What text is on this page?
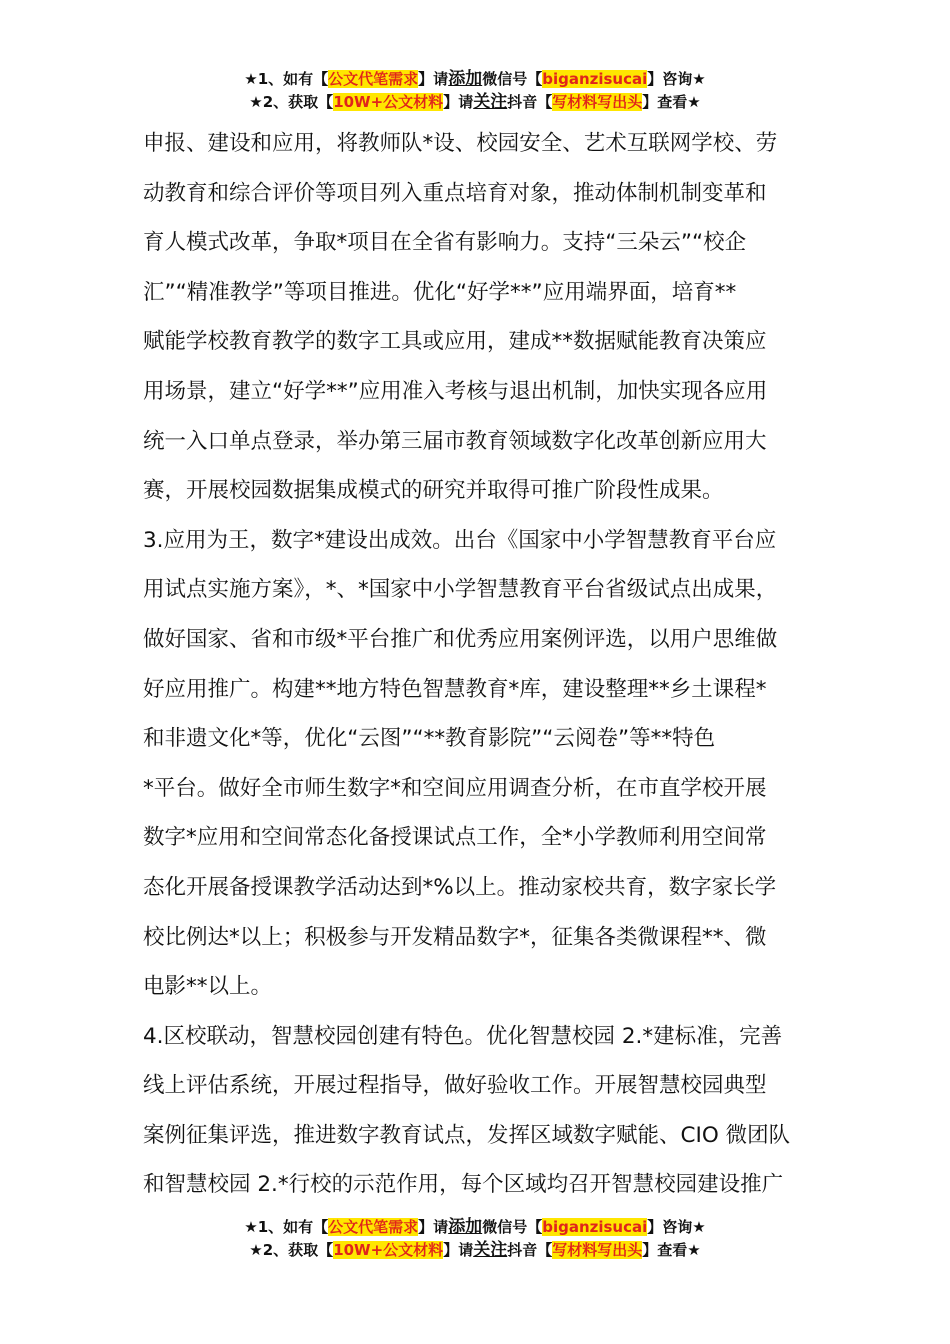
★1、如有【公文代笔需求】请添加微信号【biganzisucai】咨询★
★2、获取【10W+公文材料】请关注抖音【写材料写出头】查看★
申报、建设和应用，将教师队*设、校园安全、艺术互联网学校、劳
动教育和综合评价等项目列入重点培育对象，推动体制机制变革和
育人模式改革，争取*项目在全省有影响力。支持“三朵云”“校企
汇”“精准教学”等项目推进。优化“好学**”应用端界面，培育**
赋能学校教育教学的数字工具或应用，建成**数据赋能教育决策应
用场景，建立“好学**”应用准入考核与退出机制，加快实现各应用
统一入口单点登录，举办第三届市教育领域数字化改革创新应用大
赛，开展校园数据集成模式的研究并取得可推广阶段性成果。
3.应用为王，数字*建设出成效。出台《国家中小学智慧教育平台应
用试点实施方案》，*、*国家中小学智慧教育平台省级试点出成果，
做好国家、省和市级*平台推广和优秀应用案例评选，以用户思维做
好应用推广。构建**地方特色智慧教育*库，建设整理**乡土课程*
和非遗文化*等，优化“云图”“**教育影院”“云阅卷”等**特色
*平台。做好全市师生数字*和空间应用调查分析，在市直学校开展
数字*应用和空间常态化备授课试点工作，全*小学教师利用空间常
态化开展备授课教学活动达到*%以上。推动家校共育，数字家长学
校比例达*以上；积极参与开发精品数字*，征集各类微课程**、微
电影**以上。
4.区校联动，智慧校园创建有特色。优化智慧校园 2.*建标准，完善
线上评估系统，开展过程指导，做好验收工作。开展智慧校园典型
案例征集评选，推进数字教育试点，发挥区域数字赋能、CIO 微团队
和智慧校园 2.*行校的示范作用，每个区域均召开智慧校园建设推广
★1、如有【公文代笔需求】请添加微信号【biganzisucai】咨询★
★2、获取【10W+公文材料】请关注抖音【写材料写出头】查看★
